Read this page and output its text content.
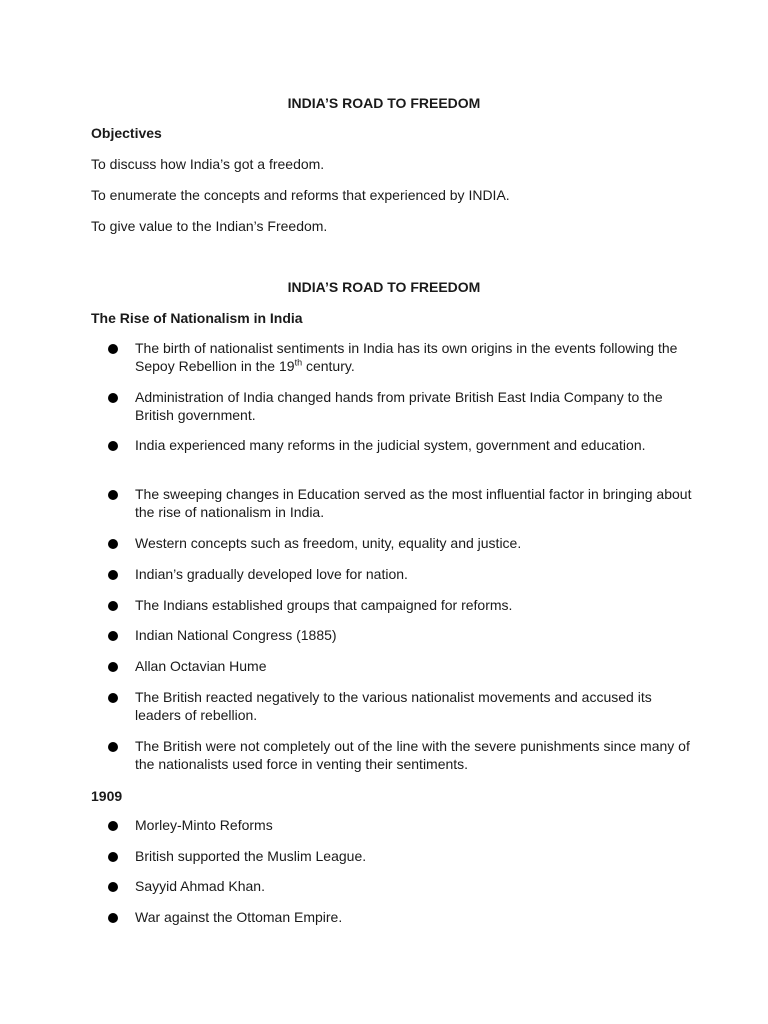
INDIA’S ROAD TO FREEDOM

Objectives

To discuss how India’s got a freedom.

To enumerate the concepts and reforms that experienced by INDIA.

To give value to the Indian’s Freedom.

INDIA’S ROAD TO FREEDOM

The Rise of Nationalism in India

The birth of nationalist sentiments in India has its own origins in the events following the Sepoy Rebellion in the 19th century.
Administration of India changed hands from private British East India Company to the British government.
India experienced many reforms in the judicial system, government and education.
The sweeping changes in Education served as the most influential factor in bringing about the rise of nationalism in India.
Western concepts such as freedom, unity, equality and justice.
Indian’s gradually developed love for nation.
The Indians established groups that campaigned for reforms.
Indian National Congress (1885)
Allan Octavian Hume
The British reacted negatively to the various nationalist movements and accused its leaders of rebellion.
The British were not completely out of the line with the severe punishments since many of the nationalists used force in venting their sentiments.

1909

Morley-Minto Reforms
British supported the Muslim League.
Sayyid Ahmad Khan.
War against the Ottoman Empire.
